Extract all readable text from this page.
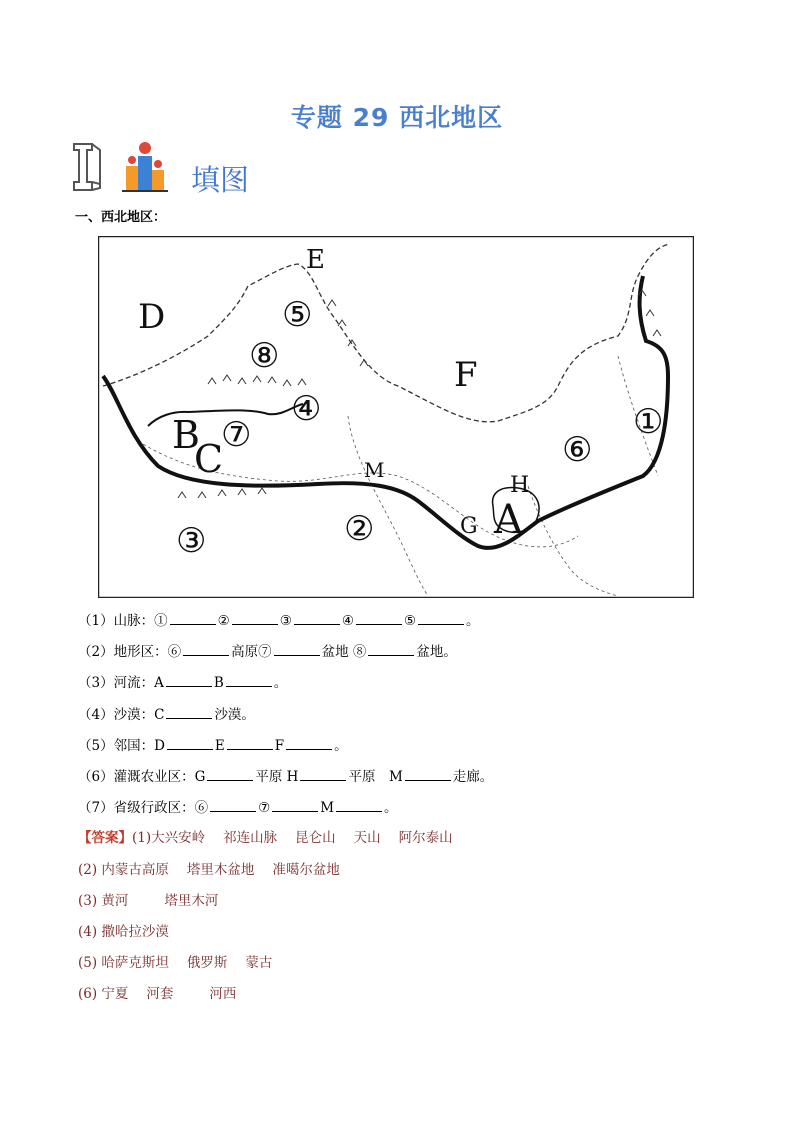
专题 29 西北地区
填图
一、西北地区：
D
E
F
B
C
A
G
H
M
①
②
③
④
⑤
⑥
⑦
⑧
（1）山脉：①	②	③	④	⑤	。
（2）地形区：⑥	高原⑦	盆地 ⑧	盆地。
（3）河流：A	B	。
（4）沙漠：C	沙漠。
（5）邻国：D	E	F	。
（6）灌溉农业区：G	平原 H	平原　M	走廊。
（7）省级行政区：⑥	⑦	M	。
【答案】(1)大兴安岭 祁连山脉 昆仑山 天山 阿尔泰山
(2) 内蒙古高原 塔里木盆地 准噶尔盆地
(3) 黄河	塔里木河
(4) 撒哈拉沙漠
(5) 哈萨克斯坦 俄罗斯 蒙古
(6) 宁夏 河套	河西
